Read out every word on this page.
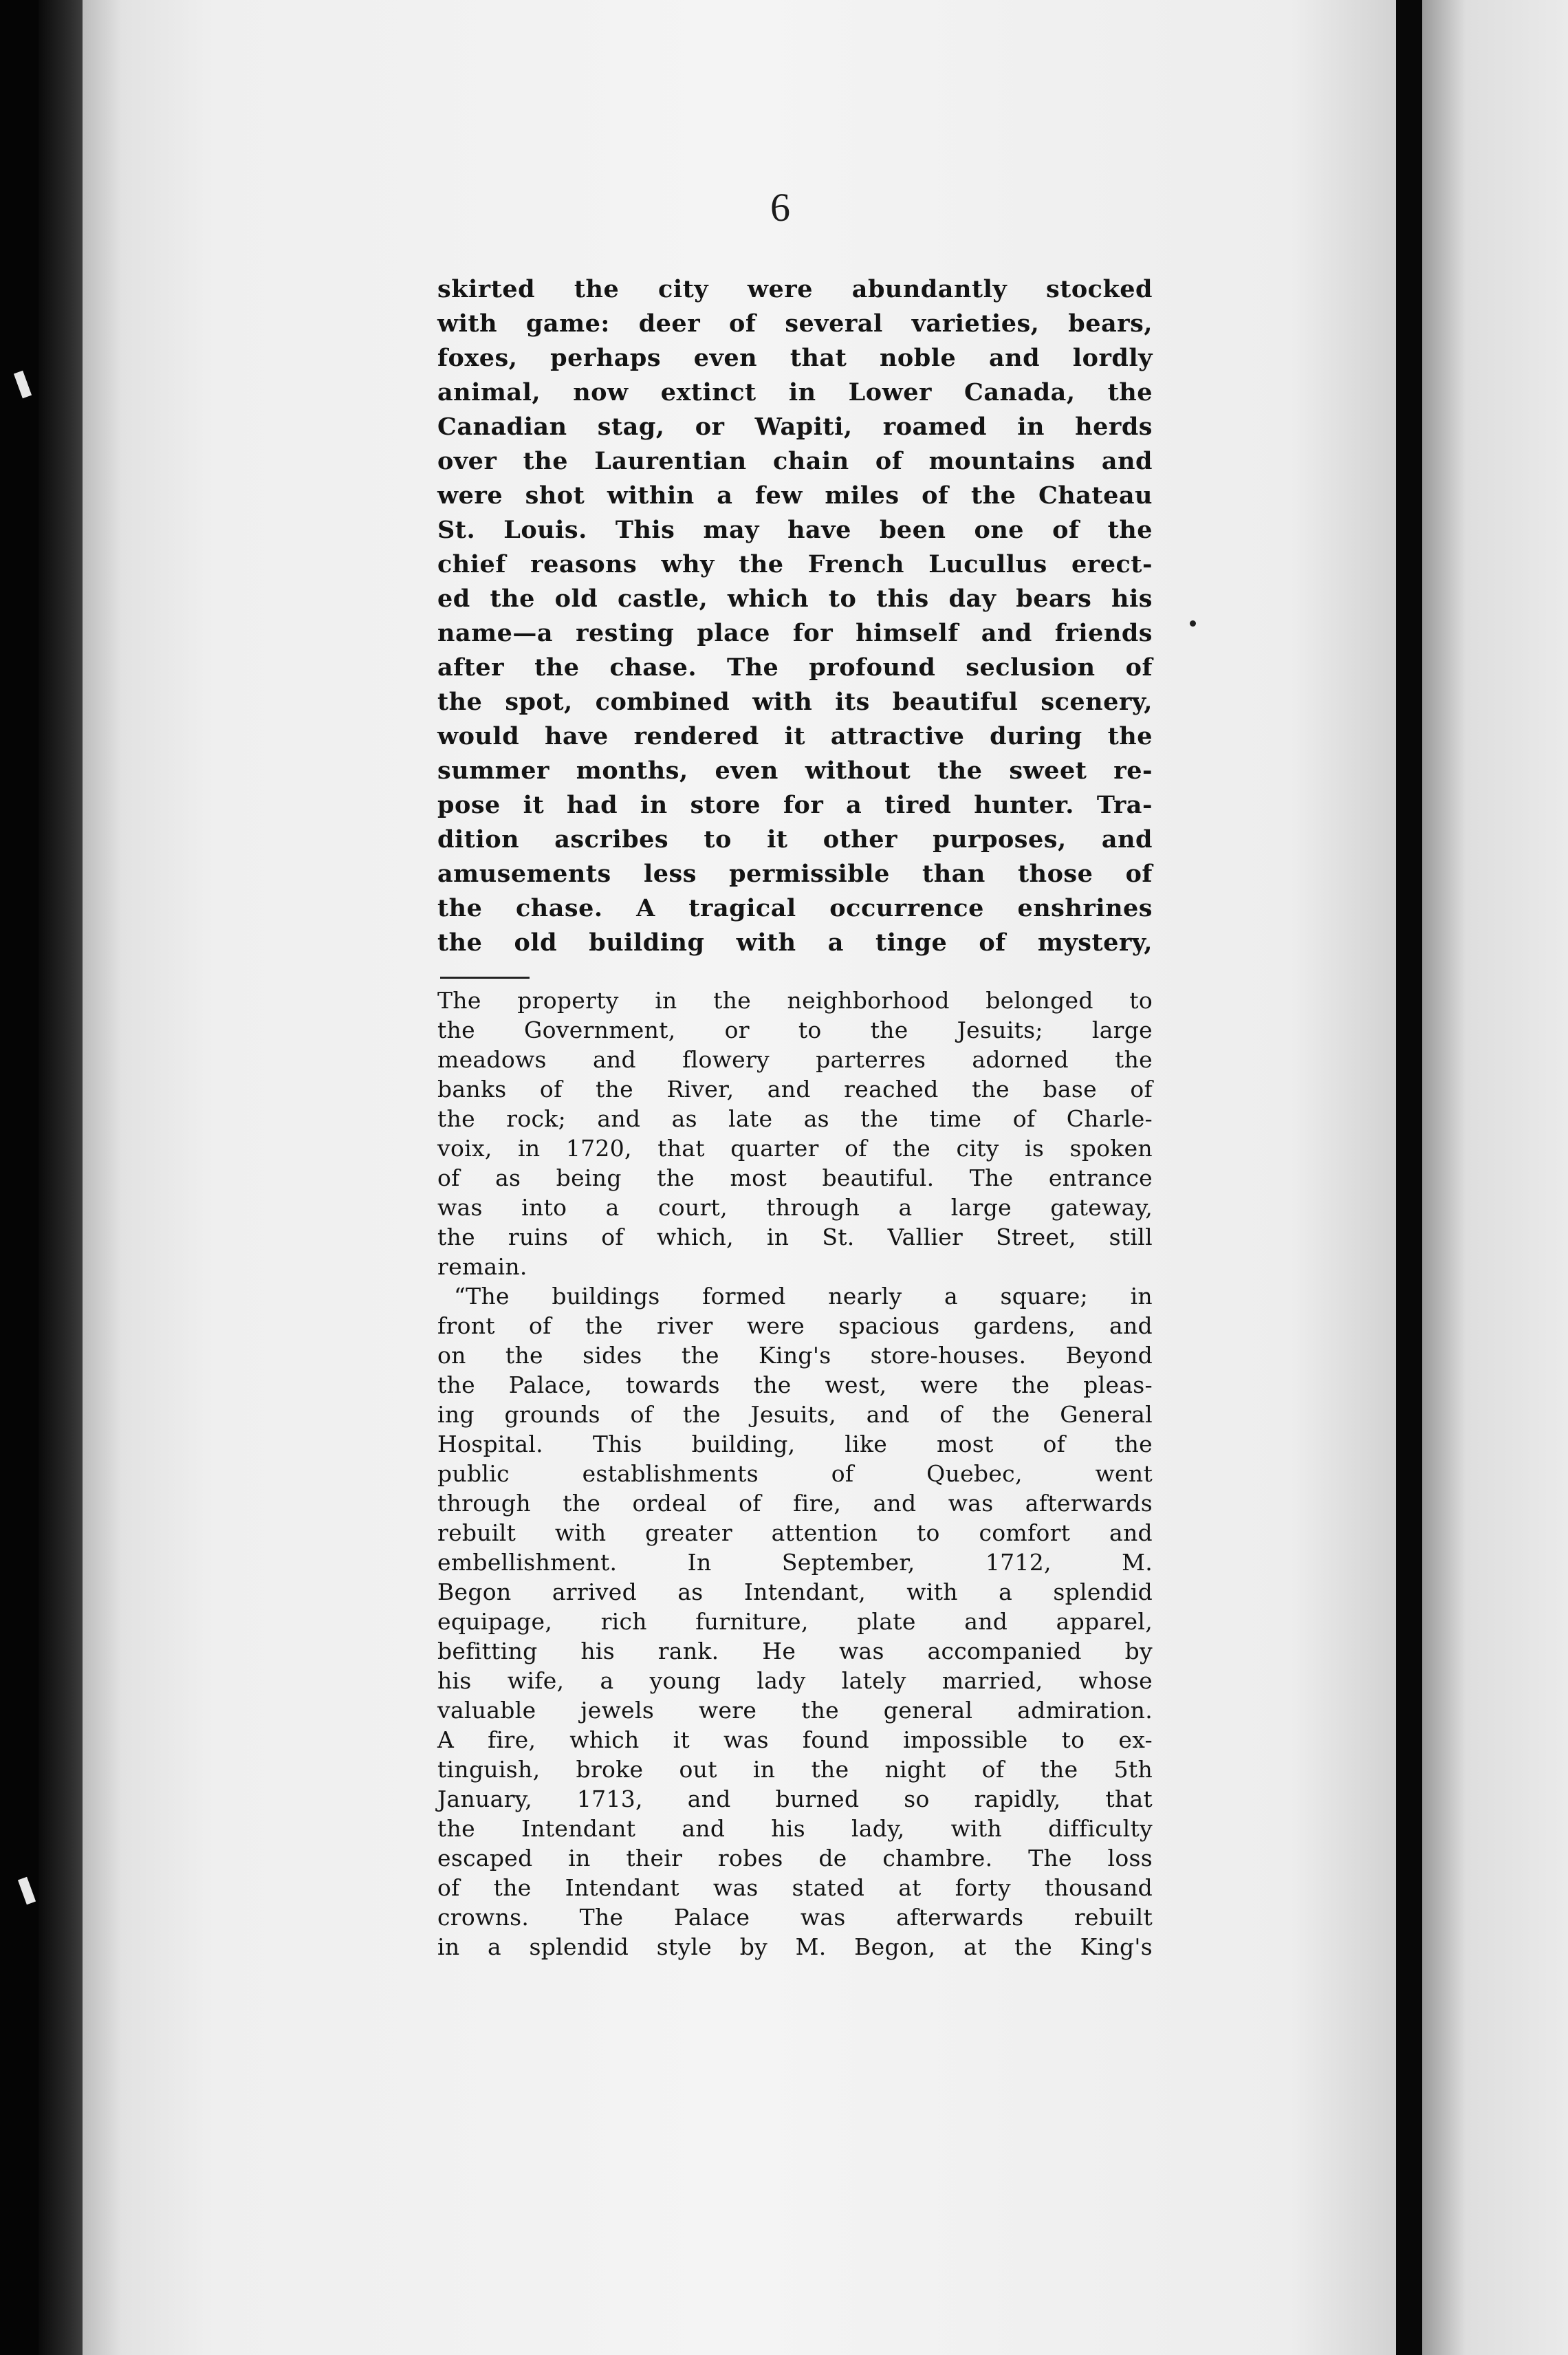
6
skirted the city were abundantly stocked
with game: deer of several varieties, bears,
foxes, perhaps even that noble and lordly
animal, now extinct in Lower Canada, the
Canadian stag, or Wapiti, roamed in herds
over the Laurentian chain of mountains and
were shot within a few miles of the Chateau
St. Louis. This may have been one of the
chief reasons why the French Lucullus erect-
ed the old castle, which to this day bears his
name—a resting place for himself and friends
after the chase. The profound seclusion of
the spot, combined with its beautiful scenery,
would have rendered it attractive during the
summer months, even without the sweet re-
pose it had in store for a tired hunter. Tra-
dition ascribes to it other purposes, and
amusements less permissible than those of
the chase. A tragical occurrence enshrines
the old building with a tinge of mystery,
The property in the neighborhood belonged to
the Government, or to the Jesuits; large
meadows and flowery parterres adorned the
banks of the River, and reached the base of
the rock; and as late as the time of Charle-
voix, in 1720, that quarter of the city is spoken
of as being the most beautiful. The entrance
was into a court, through a large gateway,
the ruins of which, in St. Vallier Street, still
remain.
“The buildings formed nearly a square; in
front of the river were spacious gardens, and
on the sides the King's store-houses. Beyond
the Palace, towards the west, were the pleas-
ing grounds of the Jesuits, and of the General
Hospital. This building, like most of the
public establishments of Quebec, went
through the ordeal of fire, and was afterwards
rebuilt with greater attention to comfort and
embellishment. In September, 1712, M.
Begon arrived as Intendant, with a splendid
equipage, rich furniture, plate and apparel,
befitting his rank. He was accompanied by
his wife, a young lady lately married, whose
valuable jewels were the general admiration.
A fire, which it was found impossible to ex-
tinguish, broke out in the night of the 5th
January, 1713, and burned so rapidly, that
the Intendant and his lady, with difficulty
escaped in their robes de chambre. The loss
of the Intendant was stated at forty thousand
crowns. The Palace was afterwards rebuilt
in a splendid style by M. Begon, at the King's
